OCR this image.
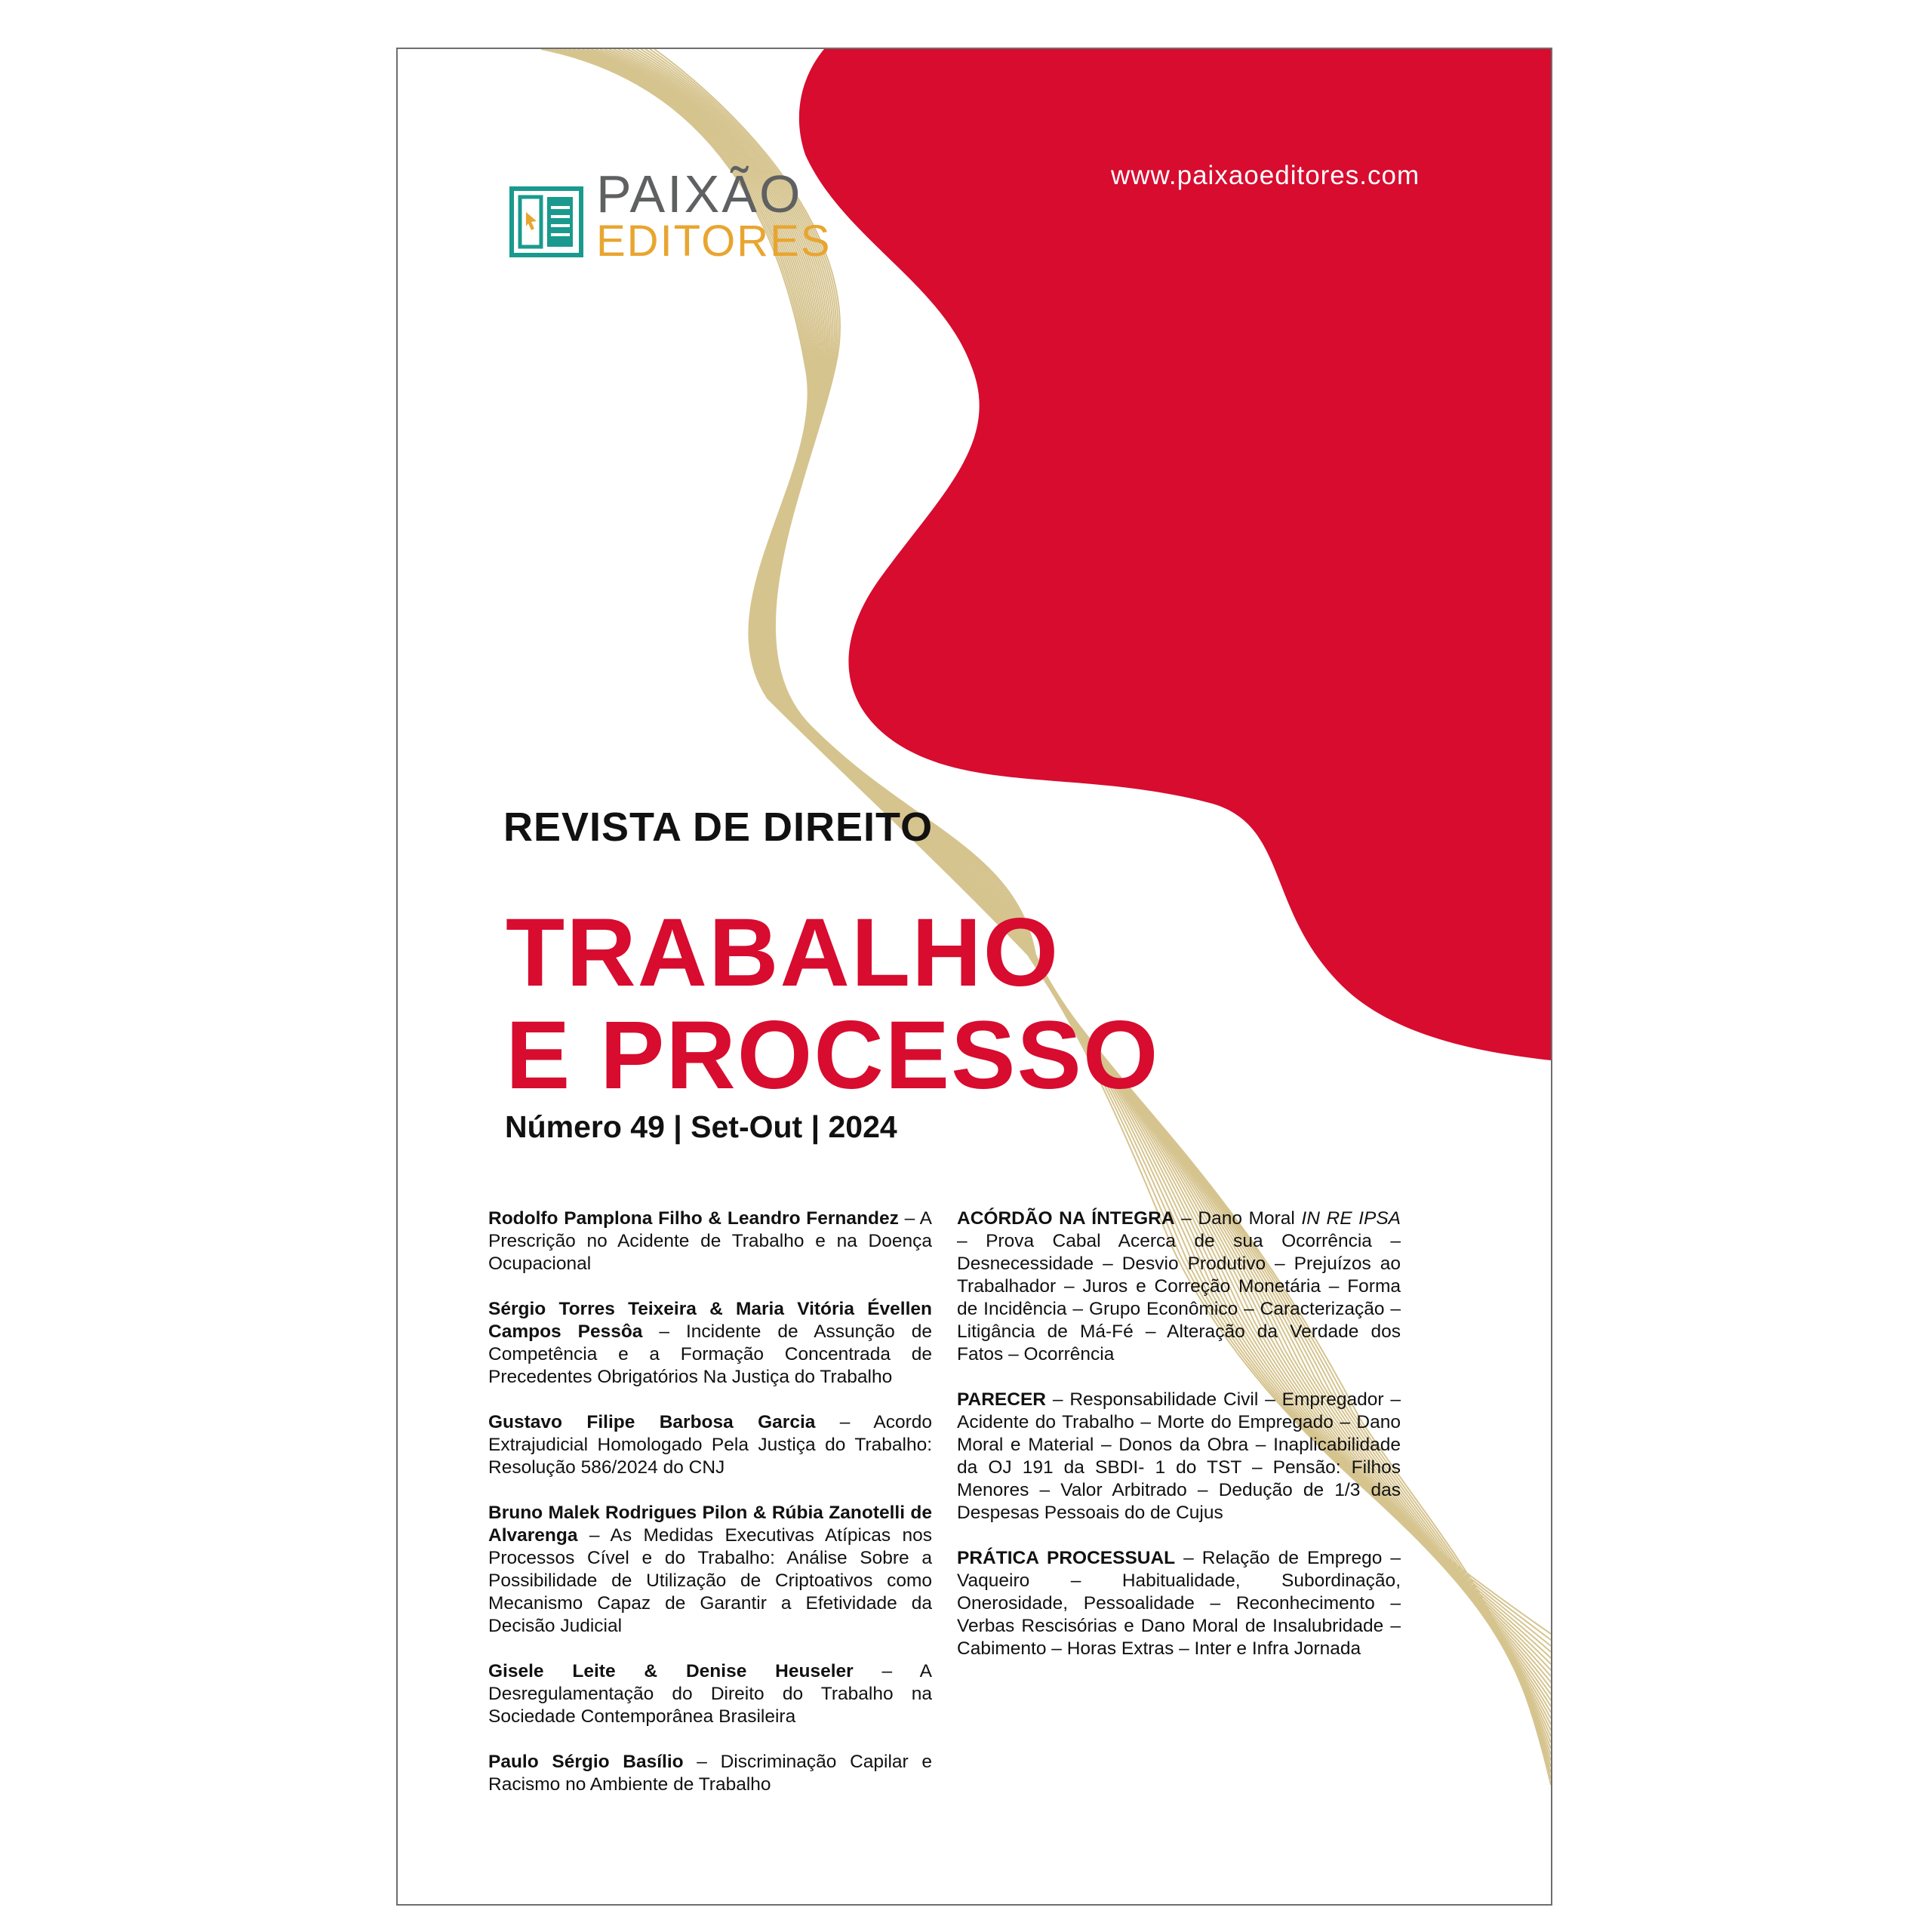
PAIXÃO
EDITORES
www.paixaoeditores.com
REVISTA DE DIREITO
TRABALHO
E PROCESSO
Número 49 | Set-Out | 2024

Rodolfo Pamplona Filho & Leandro Fernandez – A Prescrição no Acidente de Trabalho e na Doença Ocupacional

Sérgio Torres Teixeira & Maria Vitória Évellen Campos Pessôa – Incidente de Assunção de Competência e a Formação Concentrada de Precedentes Obrigatórios Na Justiça do Trabalho

Gustavo Filipe Barbosa Garcia – Acordo Extrajudicial Homologado Pela Justiça do Trabalho: Resolução 586/2024 do CNJ

Bruno Malek Rodrigues Pilon & Rúbia Zanotelli de Alvarenga – As Medidas Executivas Atípicas nos Processos Cível e do Trabalho: Análise Sobre a Possibilidade de Utilização de Criptoativos como Mecanismo Capaz de Garantir a Efetividade da Decisão Judicial

Gisele Leite & Denise Heuseler – A Desregulamentação do Direito do Trabalho na Sociedade Contemporânea Brasileira

Paulo Sérgio Basílio – Discriminação Capilar e Racismo no Ambiente de Trabalho

ACÓRDÃO NA ÍNTEGRA – Dano Moral IN RE IPSA – Prova Cabal Acerca de sua Ocorrência – Desnecessidade – Desvio Produtivo – Prejuízos ao Trabalhador – Juros e Correção Monetária – Forma de Incidência – Grupo Econômico – Caracterização – Litigância de Má-Fé – Alteração da Verdade dos Fatos – Ocorrência

PARECER – Responsabilidade Civil – Empregador – Acidente do Trabalho – Morte do Empregado – Dano Moral e Material – Donos da Obra – Inaplicabilidade da OJ 191 da SBDI- 1 do TST – Pensão: Filhos Menores – Valor Arbitrado – Dedução de 1/3 das Despesas Pessoais do de Cujus

PRÁTICA PROCESSUAL – Relação de Emprego – Vaqueiro – Habitualidade, Subordinação, Onerosidade, Pessoalidade – Reconhecimento – Verbas Rescisórias e Dano Moral de Insalubridade – Cabimento – Horas Extras – Inter e Infra Jornada
